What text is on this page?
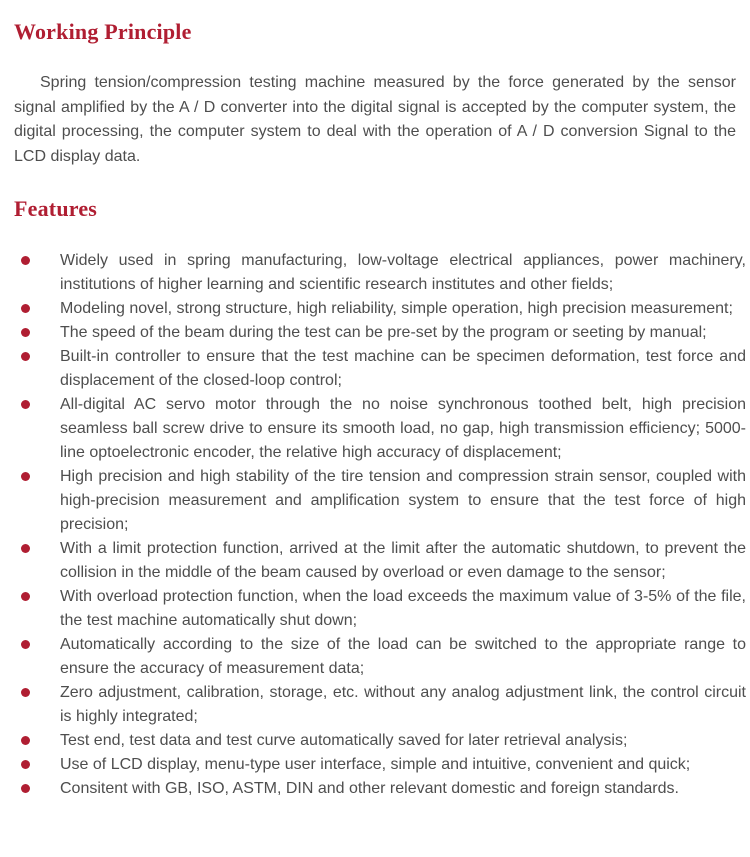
Working Principle

Spring tension/compression testing machine measured by the force generated by the sensor signal amplified by the A / D converter into the digital signal is accepted by the computer system, the digital processing, the computer system to deal with the operation of A / D conversion Signal to the LCD display data.

Features
Widely used in spring manufacturing, low-voltage electrical appliances, power machinery, institutions of higher learning and scientific research institutes and other fields;
Modeling novel, strong structure, high reliability, simple operation, high precision measurement;
The speed of the beam during the test can be pre-set by the program or seeting by manual;
Built-in controller to ensure that the test machine can be specimen deformation, test force and displacement of the closed-loop control;
All-digital AC servo motor through the no noise synchronous toothed belt, high precision seamless ball screw drive to ensure its smooth load, no gap, high transmission efficiency; 5000-line optoelectronic encoder, the relative high accuracy of displacement;
High precision and high stability of the tire tension and compression strain sensor, coupled with high-precision measurement and amplification system to ensure that the test force of high precision;
With a limit protection function, arrived at the limit after the automatic shutdown, to prevent the collision in the middle of the beam caused by overload or even damage to the sensor;
With overload protection function, when the load exceeds the maximum value of 3-5% of the file, the test machine automatically shut down;
Automatically according to the size of the load can be switched to the appropriate range to ensure the accuracy of measurement data;
Zero adjustment, calibration, storage, etc. without any analog adjustment link, the control circuit is highly integrated;
Test end, test data and test curve automatically saved for later retrieval analysis;
Use of LCD display, menu-type user interface, simple and intuitive, convenient and quick;
Consitent with GB, ISO, ASTM, DIN and other relevant domestic and foreign standards.
